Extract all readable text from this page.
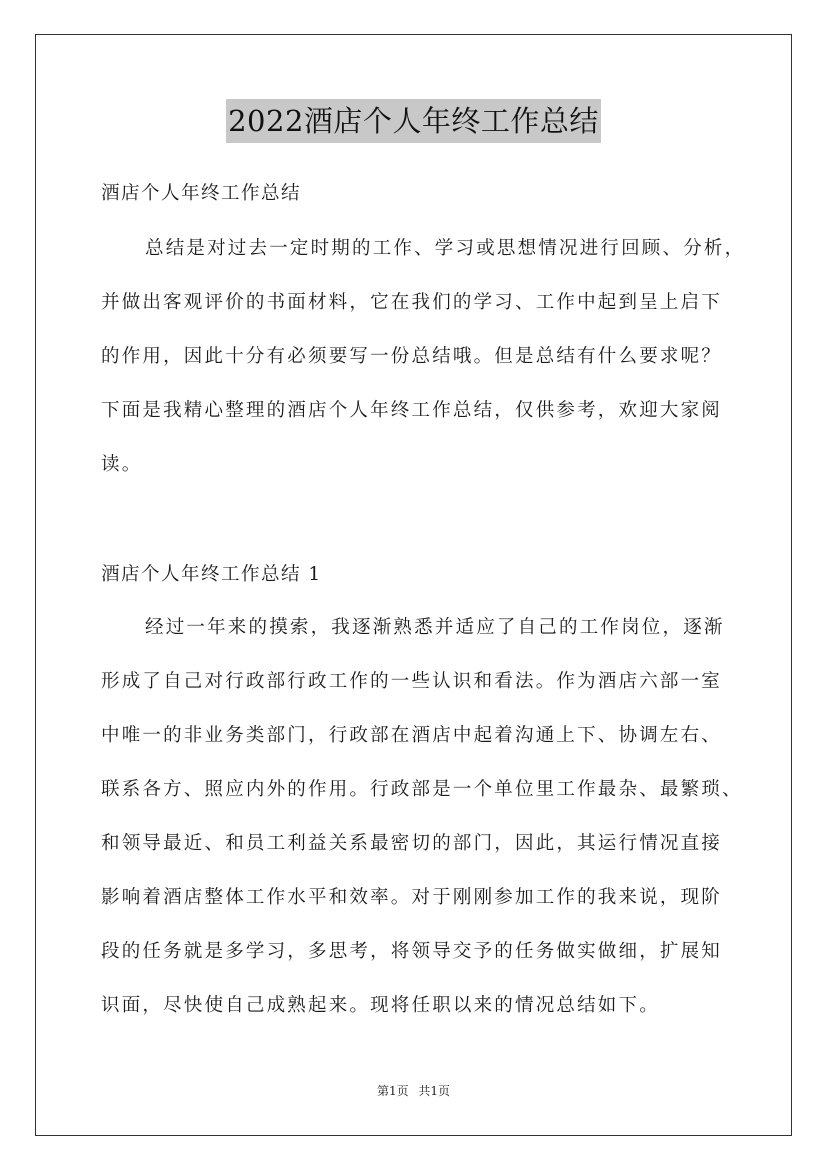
2022酒店个人年终工作总结
酒店个人年终工作总结
总结是对过去一定时期的工作、学习或思想情况进行回顾、分析，
并做出客观评价的书面材料，它在我们的学习、工作中起到呈上启下
的作用，因此十分有必须要写一份总结哦。但是总结有什么要求呢？
下面是我精心整理的酒店个人年终工作总结，仅供参考，欢迎大家阅
读。
酒店个人年终工作总结 1
经过一年来的摸索，我逐渐熟悉并适应了自己的工作岗位，逐渐
形成了自己对行政部行政工作的一些认识和看法。作为酒店六部一室
中唯一的非业务类部门，行政部在酒店中起着沟通上下、协调左右、
联系各方、照应内外的作用。行政部是一个单位里工作最杂、最繁琐、
和领导最近、和员工利益关系最密切的部门，因此，其运行情况直接
影响着酒店整体工作水平和效率。对于刚刚参加工作的我来说，现阶
段的任务就是多学习，多思考，将领导交予的任务做实做细，扩展知
识面，尽快使自己成熟起来。现将任职以来的情况总结如下。
第1页 共1页
